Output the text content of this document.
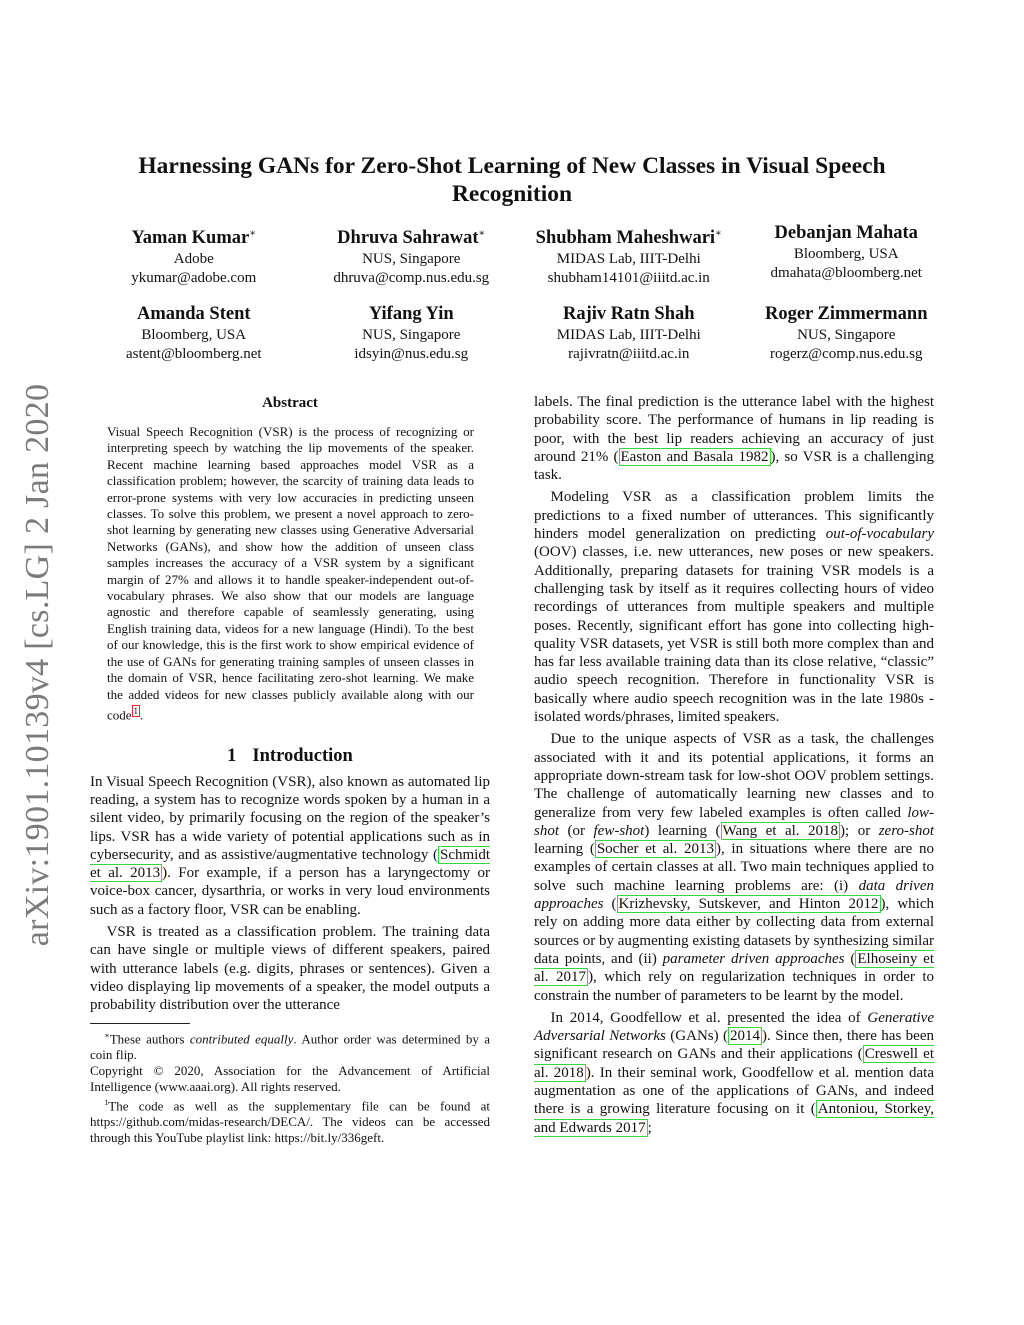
arXiv:1901.10139v4 [cs.LG] 2 Jan 2020
Harnessing GANs for Zero-Shot Learning of New Classes in Visual Speech Recognition
Yaman Kumar∗
Adobe
ykumar@adobe.com
Dhruva Sahrawat∗
NUS, Singapore
dhruva@comp.nus.edu.sg
Shubham Maheshwari∗
MIDAS Lab, IIIT-Delhi
shubham14101@iiitd.ac.in
Debanjan Mahata
Bloomberg, USA
dmahata@bloomberg.net
Amanda Stent
Bloomberg, USA
astent@bloomberg.net
Yifang Yin
NUS, Singapore
idsyin@nus.edu.sg
Rajiv Ratn Shah
MIDAS Lab, IIIT-Delhi
rajivratn@iiitd.ac.in
Roger Zimmermann
NUS, Singapore
rogerz@comp.nus.edu.sg
Abstract

Visual Speech Recognition (VSR) is the process of recognizing or interpreting speech by watching the lip movements of the speaker. Recent machine learning based approaches model VSR as a classification problem; however, the scarcity of training data leads to error-prone systems with very low accuracies in predicting unseen classes. To solve this problem, we present a novel approach to zero-shot learning by generating new classes using Generative Adversarial Networks (GANs), and show how the addition of unseen class samples increases the accuracy of a VSR system by a significant margin of 27% and allows it to handle speaker-independent out-of-vocabulary phrases. We also show that our models are language agnostic and therefore capable of seamlessly generating, using English training data, videos for a new language (Hindi). To the best of our knowledge, this is the first work to show empirical evidence of the use of GANs for generating training samples of unseen classes in the domain of VSR, hence facilitating zero-shot learning. We make the added videos for new classes publicly available along with our code $^1$ .

1 Introduction

In Visual Speech Recognition (VSR), also known as automated lip reading, a system has to recognize words spoken by a human in a silent video, by primarily focusing on the region of the speaker’s lips. VSR has a wide variety of potential applications such as in cybersecurity, and as assistive/augmentative technology ( Schmidt et al. 2013 ). For example, if a person has a laryngectomy or voice-box cancer, dysarthria, or works in very loud environments such as a factory floor, VSR can be enabling.

VSR is treated as a classification problem. The training data can have single or multiple views of different speakers, paired with utterance labels (e.g. digits, phrases or sentences). Given a video displaying lip movements of a speaker, the model outputs a probability distribution over the utterance

∗These authors contributed equally. Author order was determined by a coin flip.

Copyright © 2020, Association for the Advancement of Artificial Intelligence (www.aaai.org). All rights reserved.

$^1$The code as well as the supplementary file can be found at https://github.com/midas-research/DECA/. The videos can be accessed through this YouTube playlist link: https://bit.ly/336geft.

labels. The final prediction is the utterance label with the highest probability score. The performance of humans in lip reading is poor, with the best lip readers achieving an accuracy of just around 21% ( Easton and Basala 1982 ), so VSR is a challenging task.

Modeling VSR as a classification problem limits the predictions to a fixed number of utterances. This significantly hinders model generalization on predicting out-of-vocabulary (OOV) classes, i.e. new utterances, new poses or new speakers. Additionally, preparing datasets for training VSR models is a challenging task by itself as it requires collecting hours of video recordings of utterances from multiple speakers and multiple poses. Recently, significant effort has gone into collecting high-quality VSR datasets, yet VSR is still both more complex than and has far less available training data than its close relative, “classic” audio speech recognition. Therefore in functionality VSR is basically where audio speech recognition was in the late 1980s - isolated words/phrases, limited speakers.

Due to the unique aspects of VSR as a task, the challenges associated with it and its potential applications, it forms an appropriate down-stream task for low-shot OOV problem settings. The challenge of automatically learning new classes and to generalize from very few labeled examples is often called low-shot (or few-shot) learning ( Wang et al. 2018 ); or zero-shot learning ( Socher et al. 2013 ), in situations where there are no examples of certain classes at all. Two main techniques applied to solve such machine learning problems are: (i) data driven approaches ( Krizhevsky, Sutskever, and Hinton 2012 ), which rely on adding more data either by collecting data from external sources or by augmenting existing datasets by synthesizing similar data points, and (ii) parameter driven approaches ( Elhoseiny et al. 2017 ), which rely on regularization techniques in order to constrain the number of parameters to be learnt by the model.

In 2014, Goodfellow et al. presented the idea of Generative Adversarial Networks (GANs) ( 2014 ). Since then, there has been significant research on GANs and their applications ( Creswell et al. 2018 ). In their seminal work, Goodfellow et al. mention data augmentation as one of the applications of GANs, and indeed there is a growing literature focusing on it ( Antoniou, Storkey, and Edwards 2017 ;
